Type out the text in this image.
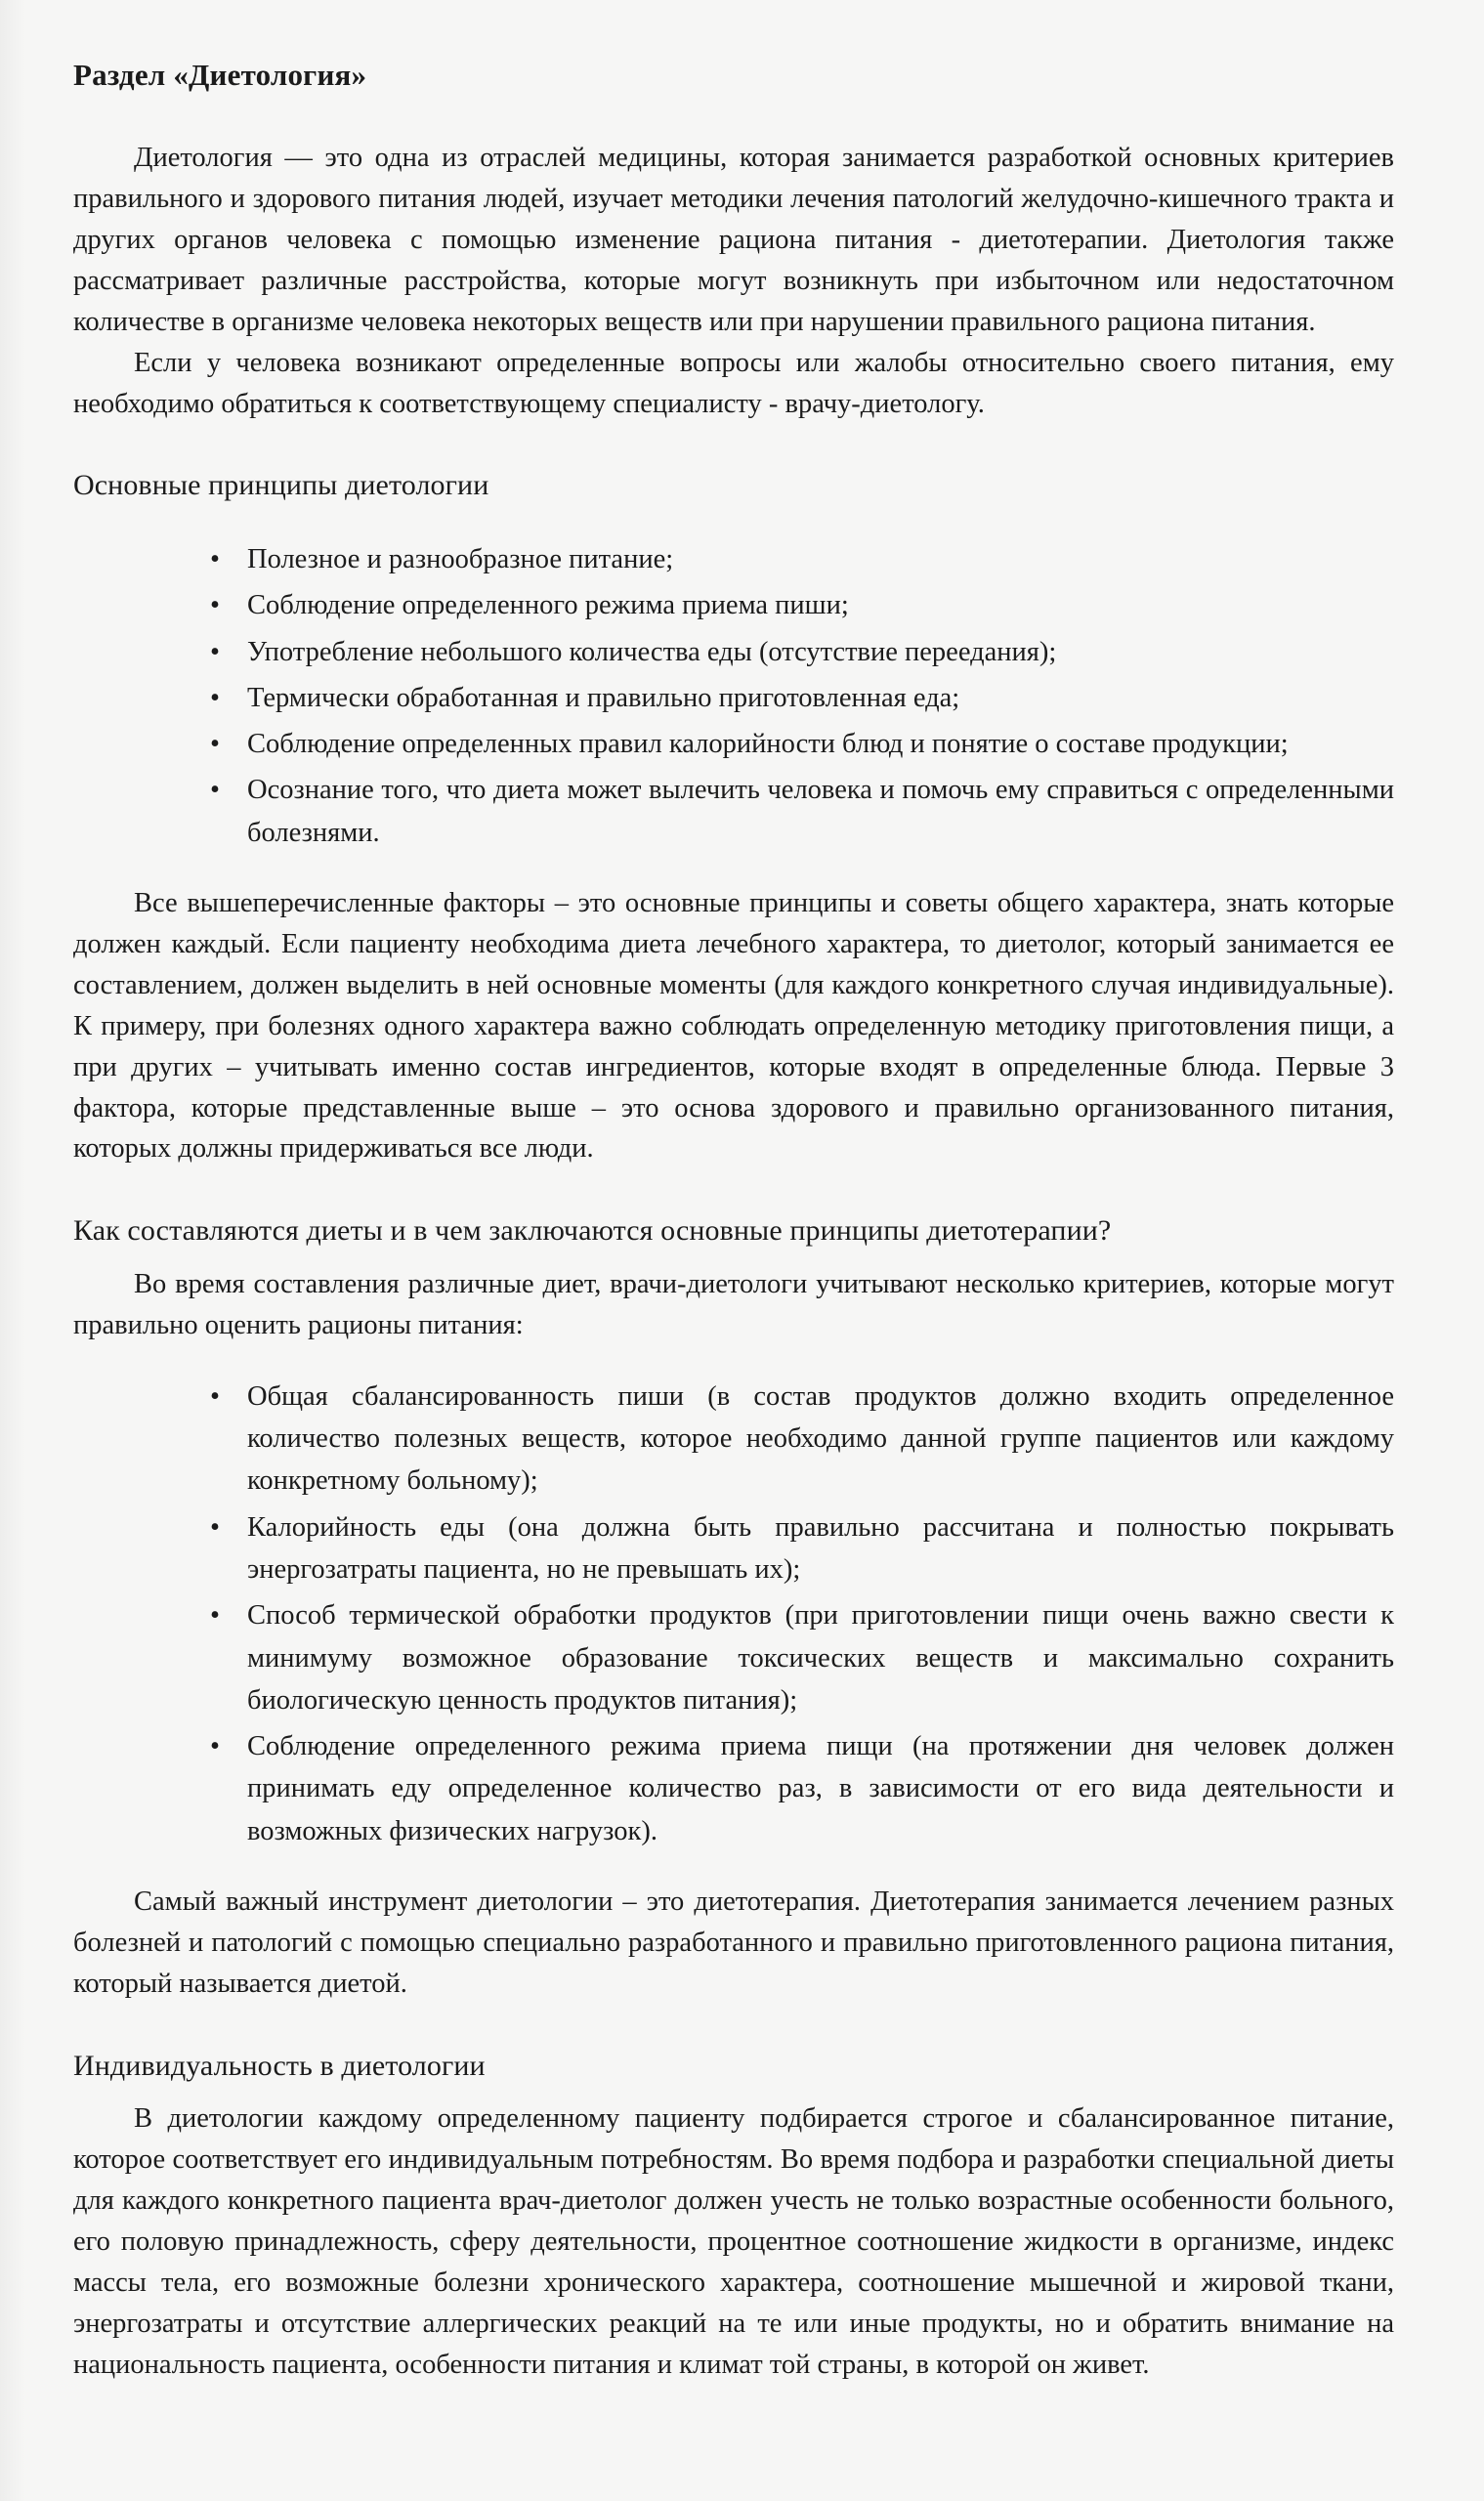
Раздел «Диетология»

Диетология — это одна из отраслей медицины, которая занимается разработкой основных критериев правильного и здорового питания людей, изучает методики лечения патологий желудочно-кишечного тракта и других органов человека с помощью изменение рациона питания - диетотерапии. Диетология также рассматривает различные расстройства, которые могут возникнуть при избыточном или недостаточном количестве в организме человека некоторых веществ или при нарушении правильного рациона питания.

Если у человека возникают определенные вопросы или жалобы относительно своего питания, ему необходимо обратиться к соответствующему специалисту - врачу-диетологу.

Основные принципы диетологии
• Полезное и разнообразное питание;
• Соблюдение определенного режима приема пиши;
• Употребление небольшого количества еды (отсутствие переедания);
• Термически обработанная и правильно приготовленная еда;
• Соблюдение определенных правил калорийности блюд и понятие о составе продукции;
• Осознание того, что диета может вылечить человека и помочь ему справиться с определенными болезнями.

Все вышеперечисленные факторы – это основные принципы и советы общего характера, знать которые должен каждый. Если пациенту необходима диета лечебного характера, то диетолог, который занимается ее составлением, должен выделить в ней основные моменты (для каждого конкретного случая индивидуальные). К примеру, при болезнях одного характера важно соблюдать определенную методику приготовления пищи, а при других – учитывать именно состав ингредиентов, которые входят в определенные блюда. Первые 3 фактора, которые представленные выше – это основа здорового и правильно организованного питания, которых должны придерживаться все люди.

Как составляются диеты и в чем заключаются основные принципы диетотерапии?

Во время составления различные диет, врачи-диетологи учитывают несколько критериев, которые могут правильно оценить рационы питания:

• Общая сбалансированность пиши (в состав продуктов должно входить определенное количество полезных веществ, которое необходимо данной группе пациентов или каждому конкретному больному);
• Калорийность еды (она должна быть правильно рассчитана и полностью покрывать энергозатраты пациента, но не превышать их);
• Способ термической обработки продуктов (при приготовлении пищи очень важно свести к минимуму возможное образование токсических веществ и максимально сохранить биологическую ценность продуктов питания);
• Соблюдение определенного режима приема пищи (на протяжении дня человек должен принимать еду определенное количество раз, в зависимости от его вида деятельности и возможных физических нагрузок).

Самый важный инструмент диетологии – это диетотерапия. Диетотерапия занимается лечением разных болезней и патологий с помощью специально разработанного и правильно приготовленного рациона питания, который называется диетой.

Индивидуальность в диетологии

В диетологии каждому определенному пациенту подбирается строгое и сбалансированное питание, которое соответствует его индивидуальным потребностям. Во время подбора и разработки специальной диеты для каждого конкретного пациента врач-диетолог должен учесть не только возрастные особенности больного, его половую принадлежность, сферу деятельности, процентное соотношение жидкости в организме, индекс массы тела, его возможные болезни хронического характера, соотношение мышечной и жировой ткани, энергозатраты и отсутствие аллергических реакций на те или иные продукты, но и обратить внимание на национальность пациента, особенности питания и климат той страны, в которой он живет.
